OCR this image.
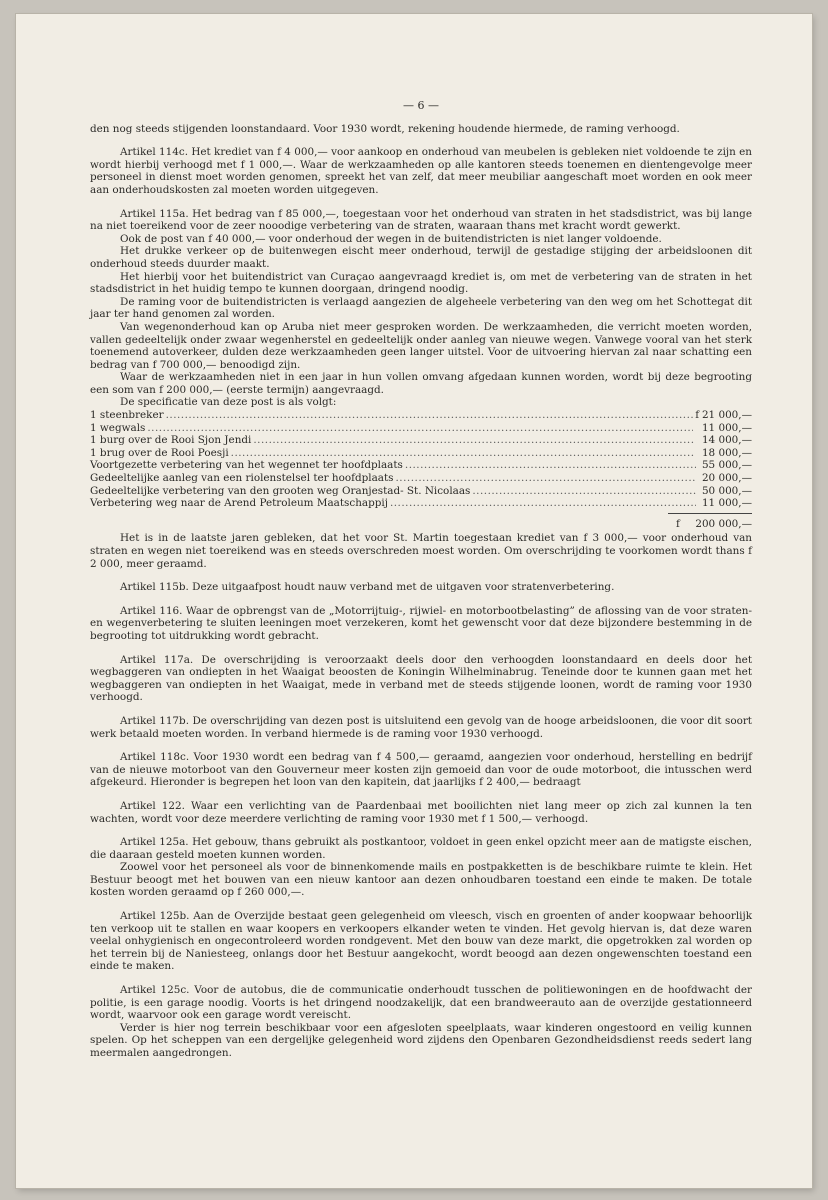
— 6 —

den nog steeds stijgenden loonstandaard. Voor 1930 wordt, rekening houdende hiermede, de raming verhoogd.

Artikel 114c. Het krediet van f 4 000,— voor aankoop en onderhoud van meubelen is gebleken niet voldoende te zijn en wordt hierbij verhoogd met f 1 000,—. Waar de werkzaamheden op alle kantoren steeds toenemen en dientengevolge meer personeel in dienst moet worden genomen, spreekt het van zelf, dat meer meubiliar aangeschaft moet worden en ook meer aan onderhoudskosten zal moeten worden uitgegeven.

Artikel 115a. Het bedrag van f 85 000,—, toegestaan voor het onderhoud van straten in het stadsdistrict, was bij lange na niet toereikend voor de zeer nooodige verbetering van de straten, waaraan thans met kracht wordt gewerkt.

Ook de post van f 40 000,— voor onderhoud der wegen in de buitendistricten is niet langer voldoende.

Het drukke verkeer op de buitenwegen eischt meer onderhoud, terwijl de gestadige stijging der arbeidsloonen dit onderhoud steeds duurder maakt.

Het hierbij voor het buitendistrict van Curaçao aangevraagd krediet is, om met de verbetering van de straten in het stadsdistrict in het huidig tempo te kunnen doorgaan, dringend noodig.

De raming voor de buitendistricten is verlaagd aangezien de algeheele verbetering van den weg om het Schottegat dit jaar ter hand genomen zal worden.

Van wegenonderhoud kan op Aruba niet meer gesproken worden. De werkzaamheden, die verricht moeten worden, vallen gedeeltelijk onder zwaar wegenherstel en gedeeltelijk onder aanleg van nieuwe wegen. Vanwege vooral van het sterk toenemend autoverkeer, dulden deze werkzaamheden geen langer uitstel. Voor de uitvoering hiervan zal naar schatting een bedrag van f 700 000,— benoodigd zijn.

Waar de werkzaamheden niet in een jaar in hun vollen omvang afgedaan kunnen worden, wordt bij deze begrooting een som van f 200 000,— (eerste termijn) aangevraagd.

De specificatie van deze post is als volgt:

1 steenbreker .....	f 21 000,—
1 wegwals .....	11 000,—
1 burg over de Rooi Sjon Jendi .....	14 000,—
1 brug over de Rooi Poesji .....	18 000,—
Voortgezette verbetering van het wegennet ter hoofdplaats .....	55 000,—
Gedeeltelijke aanleg van een riolenstelsel ter hoofdplaats .....	20 000,—
Gedeeltelijke verbetering van den grooten weg Oranjestad- St. Nicolaas .....	50 000,—
Verbetering weg naar de Arend Petroleum Maatschappij .....	11 000,—
f	200 000,—

Het is in de laatste jaren gebleken, dat het voor St. Martin toegestaan krediet van f 3 000,— voor onderhoud van straten en wegen niet toereikend was en steeds overschreden moest worden. Om overschrijding te voorkomen wordt thans f 2 000, meer geraamd.

Artikel 115b. Deze uitgaafpost houdt nauw verband met de uitgaven voor stratenverbetering.

Artikel 116. Waar de opbrengst van de „Motorrijtuig-, rijwiel- en motorbootbelasting” de aflossing van de voor straten- en wegenverbetering te sluiten leeningen moet verzekeren, komt het gewenscht voor dat deze bijzondere bestemming in de begrooting tot uitdrukking wordt gebracht.

Artikel 117a. De overschrijding is veroorzaakt deels door den verhoogden loonstandaard en deels door het wegbaggeren van ondiepten in het Waaigat beoosten de Koningin Wilhelminabrug. Teneinde door te kunnen gaan met het wegbaggeren van ondiepten in het Waaigat, mede in verband met de steeds stijgende loonen, wordt de raming voor 1930 verhoogd.

Artikel 117b. De overschrijding van dezen post is uitsluitend een gevolg van de hooge arbeidsloonen, die voor dit soort werk betaald moeten worden. In verband hiermede is de raming voor 1930 verhoogd.

Artikel 118c. Voor 1930 wordt een bedrag van f 4 500,— geraamd, aangezien voor onderhoud, herstelling en bedrijf van de nieuwe motorboot van den Gouverneur meer kosten zijn gemoeid dan voor de oude motorboot, die intusschen werd afgekeurd. Hieronder is begrepen het loon van den kapitein, dat jaarlijks f 2 400,— bedraagt

Artikel 122. Waar een verlichting van de Paardenbaai met booilichten niet lang meer op zich zal kunnen la ten wachten, wordt voor deze meerdere verlichting de raming voor 1930 met f 1 500,— verhoogd.

Artikel 125a. Het gebouw, thans gebruikt als postkantoor, voldoet in geen enkel opzicht meer aan de matigste eischen, die daaraan gesteld moeten kunnen worden.

Zoowel voor het personeel als voor de binnenkomende mails en postpakketten is de beschikbare ruimte te klein. Het Bestuur beoogt met het bouwen van een nieuw kantoor aan dezen onhoudbaren toestand een einde te maken. De totale kosten worden geraamd op f 260 000,—.

Artikel 125b. Aan de Overzijde bestaat geen gelegenheid om vleesch, visch en groenten of ander koopwaar behoorlijk ten verkoop uit te stallen en waar koopers en verkoopers elkander weten te vinden. Het gevolg hiervan is, dat deze waren veelal onhygienisch en ongecontroleerd worden rondgevent. Met den bouw van deze markt, die opgetrokken zal worden op het terrein bij de Naniesteeg, onlangs door het Bestuur aangekocht, wordt beoogd aan dezen ongewenschten toestand een einde te maken.

Artikel 125c. Voor de autobus, die de communicatie onderhoudt tusschen de politiewoningen en de hoofdwacht der politie, is een garage noodig. Voorts is het dringend noodzakelijk, dat een brandweerauto aan de overzijde gestationneerd wordt, waarvoor ook een garage wordt vereischt.

Verder is hier nog terrein beschikbaar voor een afgesloten speelplaats, waar kinderen ongestoord en veilig kunnen spelen. Op het scheppen van een dergelijke gelegenheid word zijdens den Openbaren Gezondheidsdienst reeds sedert lang meermalen aangedrongen.
